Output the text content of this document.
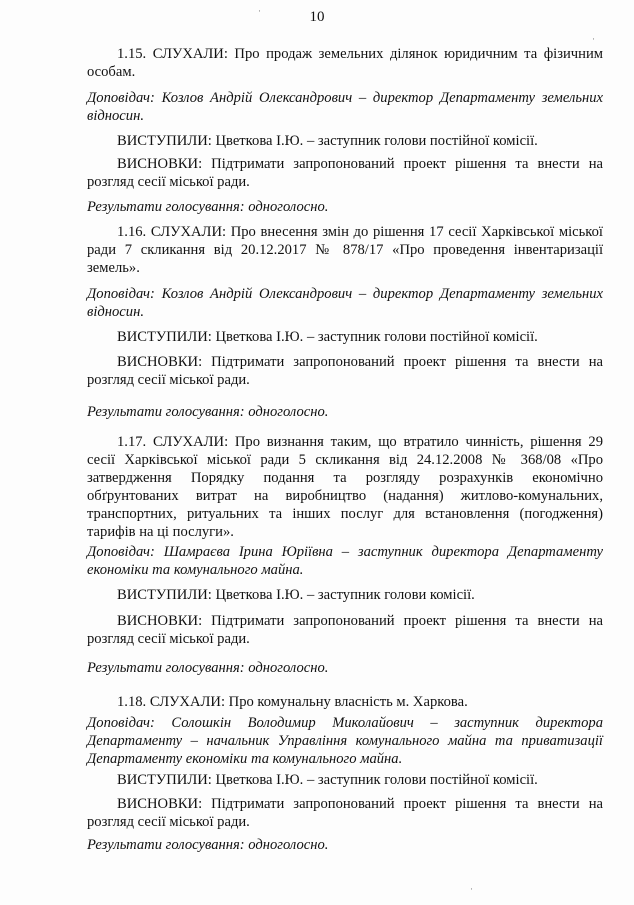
10

1.15. СЛУХАЛИ: Про продаж земельних ділянок юридичним та фізичним особам.

Доповідач: Козлов Андрій Олександрович – директор Департаменту земельних відносин.

ВИСТУПИЛИ: Цветкова І.Ю. – заступник голови постійної комісії.

ВИСНОВКИ: Підтримати запропонований проект рішення та внести на розгляд сесії міської ради.

Результати голосування: одноголосно.

1.16. СЛУХАЛИ: Про внесення змін до рішення 17 сесії Харківської міської ради 7 скликання від 20.12.2017 № 878/17 «Про проведення інвентаризації земель».

Доповідач: Козлов Андрій Олександрович – директор Департаменту земельних відносин.

ВИСТУПИЛИ: Цветкова І.Ю. – заступник голови постійної комісії.

ВИСНОВКИ: Підтримати запропонований проект рішення та внести на розгляд сесії міської ради.

Результати голосування: одноголосно.

1.17. СЛУХАЛИ: Про визнання таким, що втратило чинність, рішення 29 сесії Харківської міської ради 5 скликання від 24.12.2008 № 368/08 «Про затвердження Порядку подання та розгляду розрахунків економічно обґрунтованих витрат на виробництво (надання) житлово-комунальних, транспортних, ритуальних та інших послуг для встановлення (погодження) тарифів на ці послуги».

Доповідач: Шамраєва Ірина Юріївна – заступник директора Департаменту економіки та комунального майна.

ВИСТУПИЛИ: Цветкова І.Ю. – заступник голови комісії.

ВИСНОВКИ: Підтримати запропонований проект рішення та внести на розгляд сесії міської ради.

Результати голосування: одноголосно.

1.18. СЛУХАЛИ: Про комунальну власність м. Харкова.

Доповідач: Солошкін Володимир Миколайович – заступник директора Департаменту – начальник Управління комунального майна та приватизації Департаменту економіки та комунального майна.

ВИСТУПИЛИ: Цветкова І.Ю. – заступник голови постійної комісії.

ВИСНОВКИ: Підтримати запропонований проект рішення та внести на розгляд сесії міської ради.

Результати голосування: одноголосно.

·
·
·
